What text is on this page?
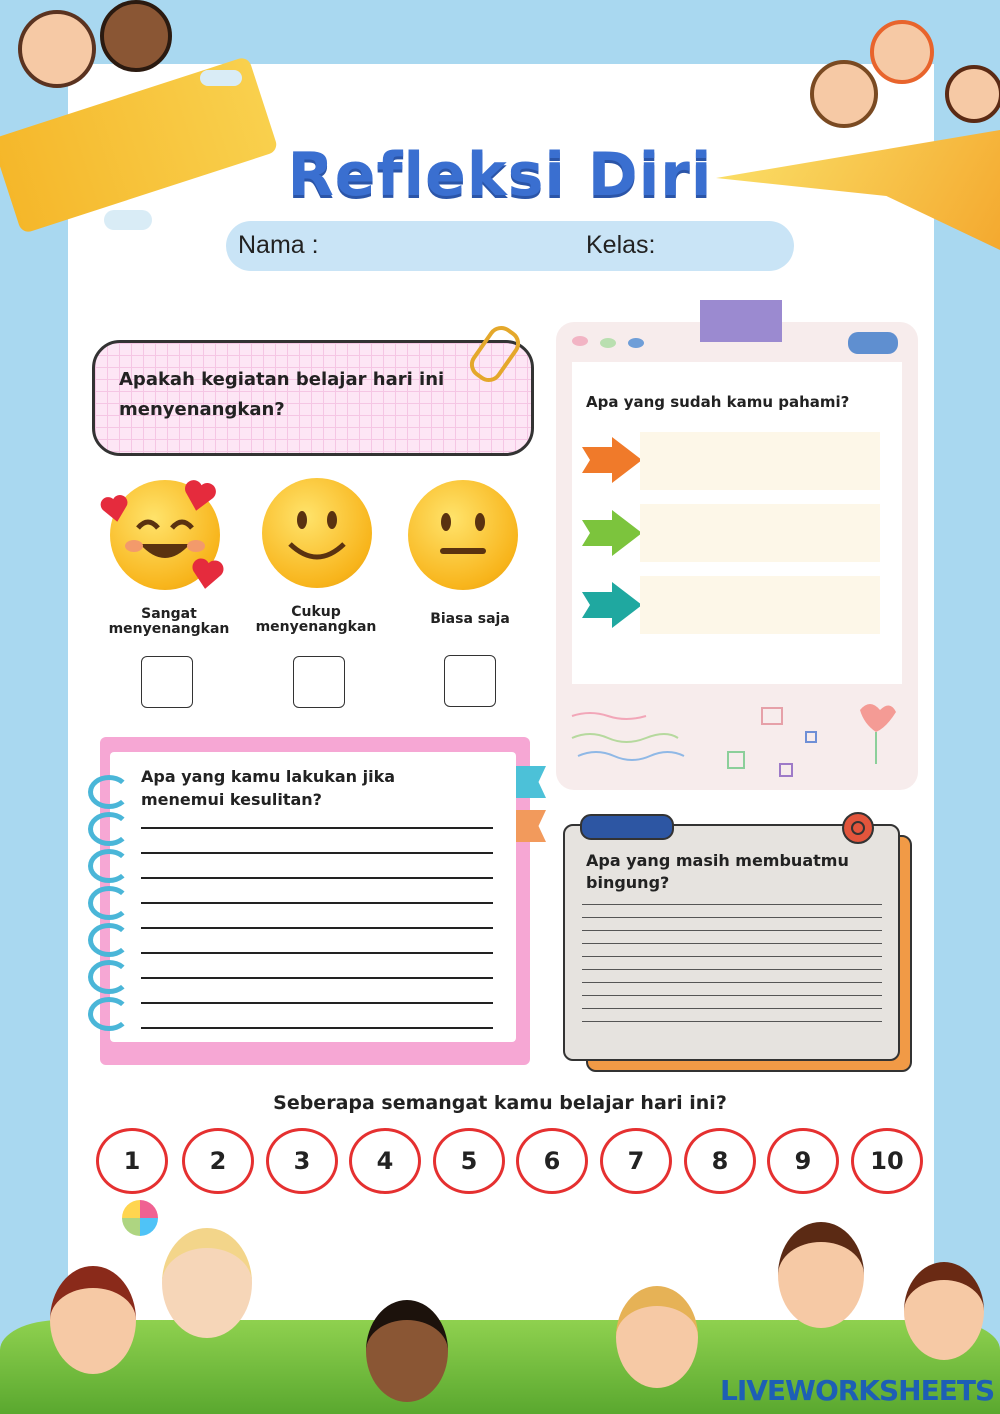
Refleksi Diri
Nama :	Kelas:
Apakah kegiatan belajar hari ini menyenangkan?
Sangat
menyenangkan
Cukup
menyenangkan	Biasa saja
Apa yang sudah kamu pahami?
Apa yang kamu lakukan jika menemui kesulitan?
Apa yang masih membuatmu bingung?
Seberapa semangat kamu belajar hari ini?
1	2	3	4	5	6	7	8	9	10
LIVEWORKSHEETS
